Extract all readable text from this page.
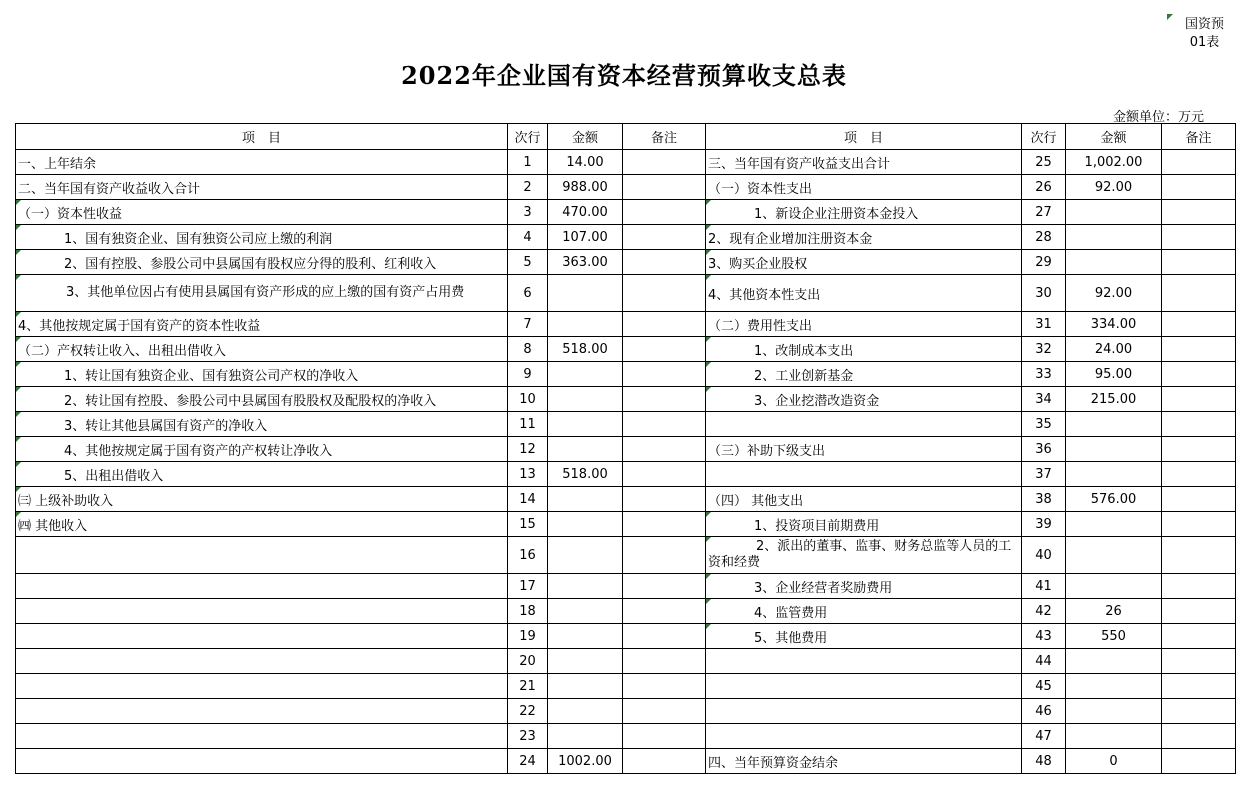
国资预
01表
2022年企业国有资本经营预算收支总表
金额单位：万元
项　目	次行	金额	备注	项　目	次行	金额	备注
一、上年结余	1	14.00		三、当年国有资产收益支出合计	25	1,002.00	
二、当年国有资产收益收入合计	2	988.00		（一）资本性支出	26	92.00	
（一）资本性收益	3	470.00		1、新设企业注册资本金投入	27		
1、国有独资企业、国有独资公司应上缴的利润	4	107.00		2、现有企业增加注册资本金	28		
2、国有控股、参股公司中县属国有股权应分得的股利、红利收入	5	363.00		3、购买企业股权	29		
3、其他单位因占有使用县属国有资产形成的应上缴的国有资产占用费	6			4、其他资本性支出	30	92.00	
4、其他按规定属于国有资产的资本性收益	7			（二）费用性支出	31	334.00	
（二）产权转让收入、出租出借收入	8	518.00		1、改制成本支出	32	24.00	
1、转让国有独资企业、国有独资公司产权的净收入	9			2、工业创新基金	33	95.00	
2、转让国有控股、参股公司中县属国有股股权及配股权的净收入	10			3、企业挖潜改造资金	34	215.00	
3、转让其他县属国有资产的净收入	11				35		
4、其他按规定属于国有资产的产权转让净收入	12			（三）补助下级支出	36		
5、出租出借收入	13	518.00			37		
㈢ 上级补助收入	14			（四） 其他支出	38	576.00	
㈣ 其他收入	15			1、投资项目前期费用	39		
	16			2、派出的董事、监事、财务总监等人员的工资和经费	40		
	17			3、企业经营者奖励费用	41		
	18			4、监管费用	42	26	
	19			5、其他费用	43	550	
	20				44		
	21				45		
	22				46		
	23				47		
	24	1002.00		四、当年预算资金结余	48	0	
